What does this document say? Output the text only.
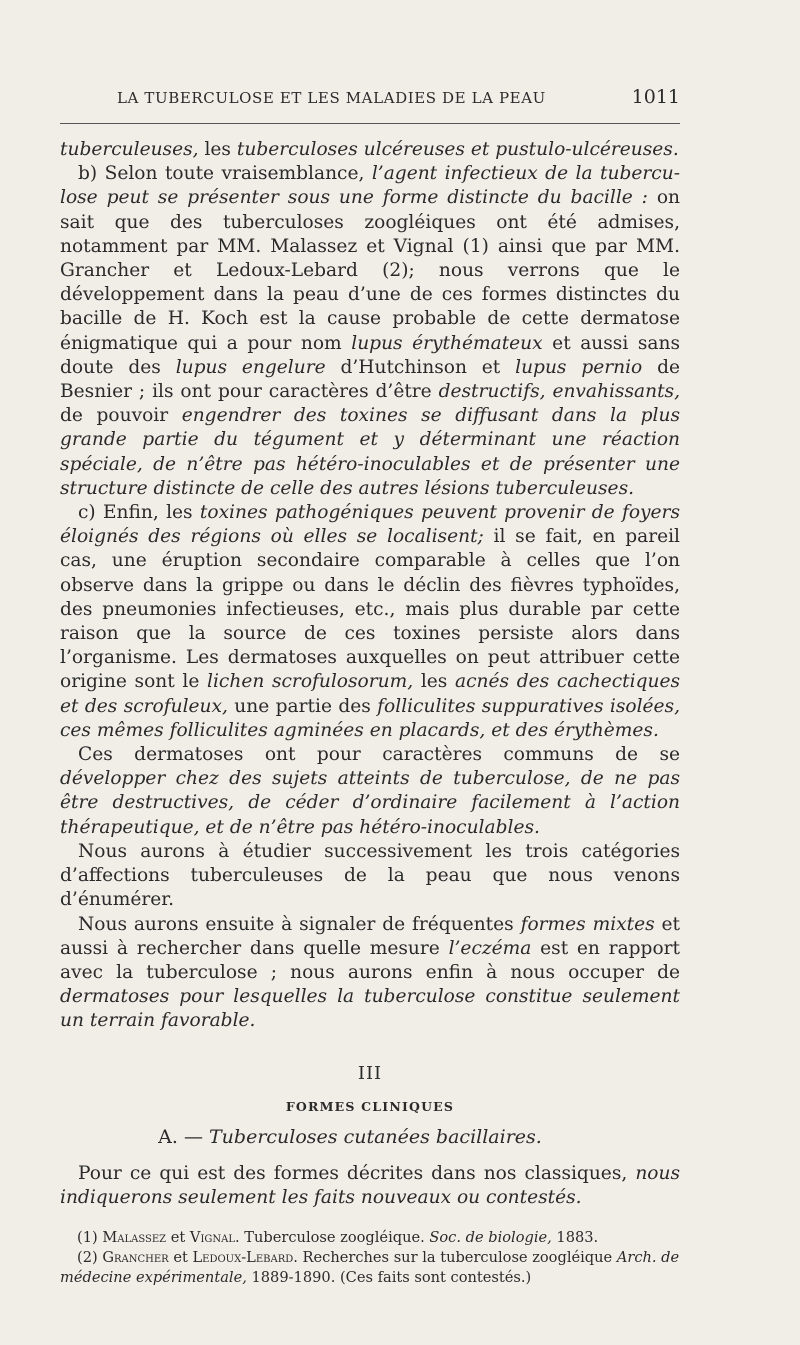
LA TUBERCULOSE ET LES MALADIES DE LA PEAU	1011

tuberculeuses, les tuberculoses ulcéreuses et pustulo-ulcéreuses.

b) Selon toute vraisemblance, l’agent infectieux de la tuberculose peut se présenter sous une forme distincte du bacille : on sait que des tuberculoses zoogléiques ont été admises, notamment par MM. Malassez et Vignal (1) ainsi que par MM. Grancher et Ledoux-Lebard (2); nous verrons que le développement dans la peau d’une de ces formes distinctes du bacille de H. Koch est la cause probable de cette dermatose énigmatique qui a pour nom lupus érythémateux et aussi sans doute des lupus engelure d’Hutchinson et lupus pernio de Besnier ; ils ont pour caractères d’être destructifs, envahissants, de pouvoir engendrer des toxines se diffusant dans la plus grande partie du tégument et y déterminant une réaction spéciale, de n’être pas hétéro-inoculables et de présenter une structure distincte de celle des autres lésions tuberculeuses.

c) Enfin, les toxines pathogéniques peuvent provenir de foyers éloignés des régions où elles se localisent; il se fait, en pareil cas, une éruption secondaire comparable à celles que l’on observe dans la grippe ou dans le déclin des fièvres typhoïdes, des pneumonies infectieuses, etc., mais plus durable par cette raison que la source de ces toxines persiste alors dans l’organisme. Les dermatoses auxquelles on peut attribuer cette origine sont le lichen scrofulosorum, les acnés des cachectiques et des scrofuleux, une partie des folliculites suppuratives isolées, ces mêmes folliculites agminées en placards, et des érythèmes.

Ces dermatoses ont pour caractères communs de se développer chez des sujets atteints de tuberculose, de ne pas être destructives, de céder d’ordinaire facilement à l’action thérapeutique, et de n’être pas hétéro-inoculables.

Nous aurons à étudier successivement les trois catégories d’affections tuberculeuses de la peau que nous venons d’énumérer.

Nous aurons ensuite à signaler de fréquentes formes mixtes et aussi à rechercher dans quelle mesure l’eczéma est en rapport avec la tuberculose ; nous aurons enfin à nous occuper de dermatoses pour lesquelles la tuberculose constitue seulement un terrain favorable.

III
FORMES CLINIQUES
A. — Tuberculoses cutanées bacillaires.

Pour ce qui est des formes décrites dans nos classiques, nous indiquerons seulement les faits nouveaux ou contestés.

(1) Malassez et Vignal. Tuberculose zoogléique. Soc. de biologie, 1883.
(2) Grancher et Ledoux-Lebard. Recherches sur la tuberculose zoogléique Arch. de médecine expérimentale, 1889-1890. (Ces faits sont contestés.)
